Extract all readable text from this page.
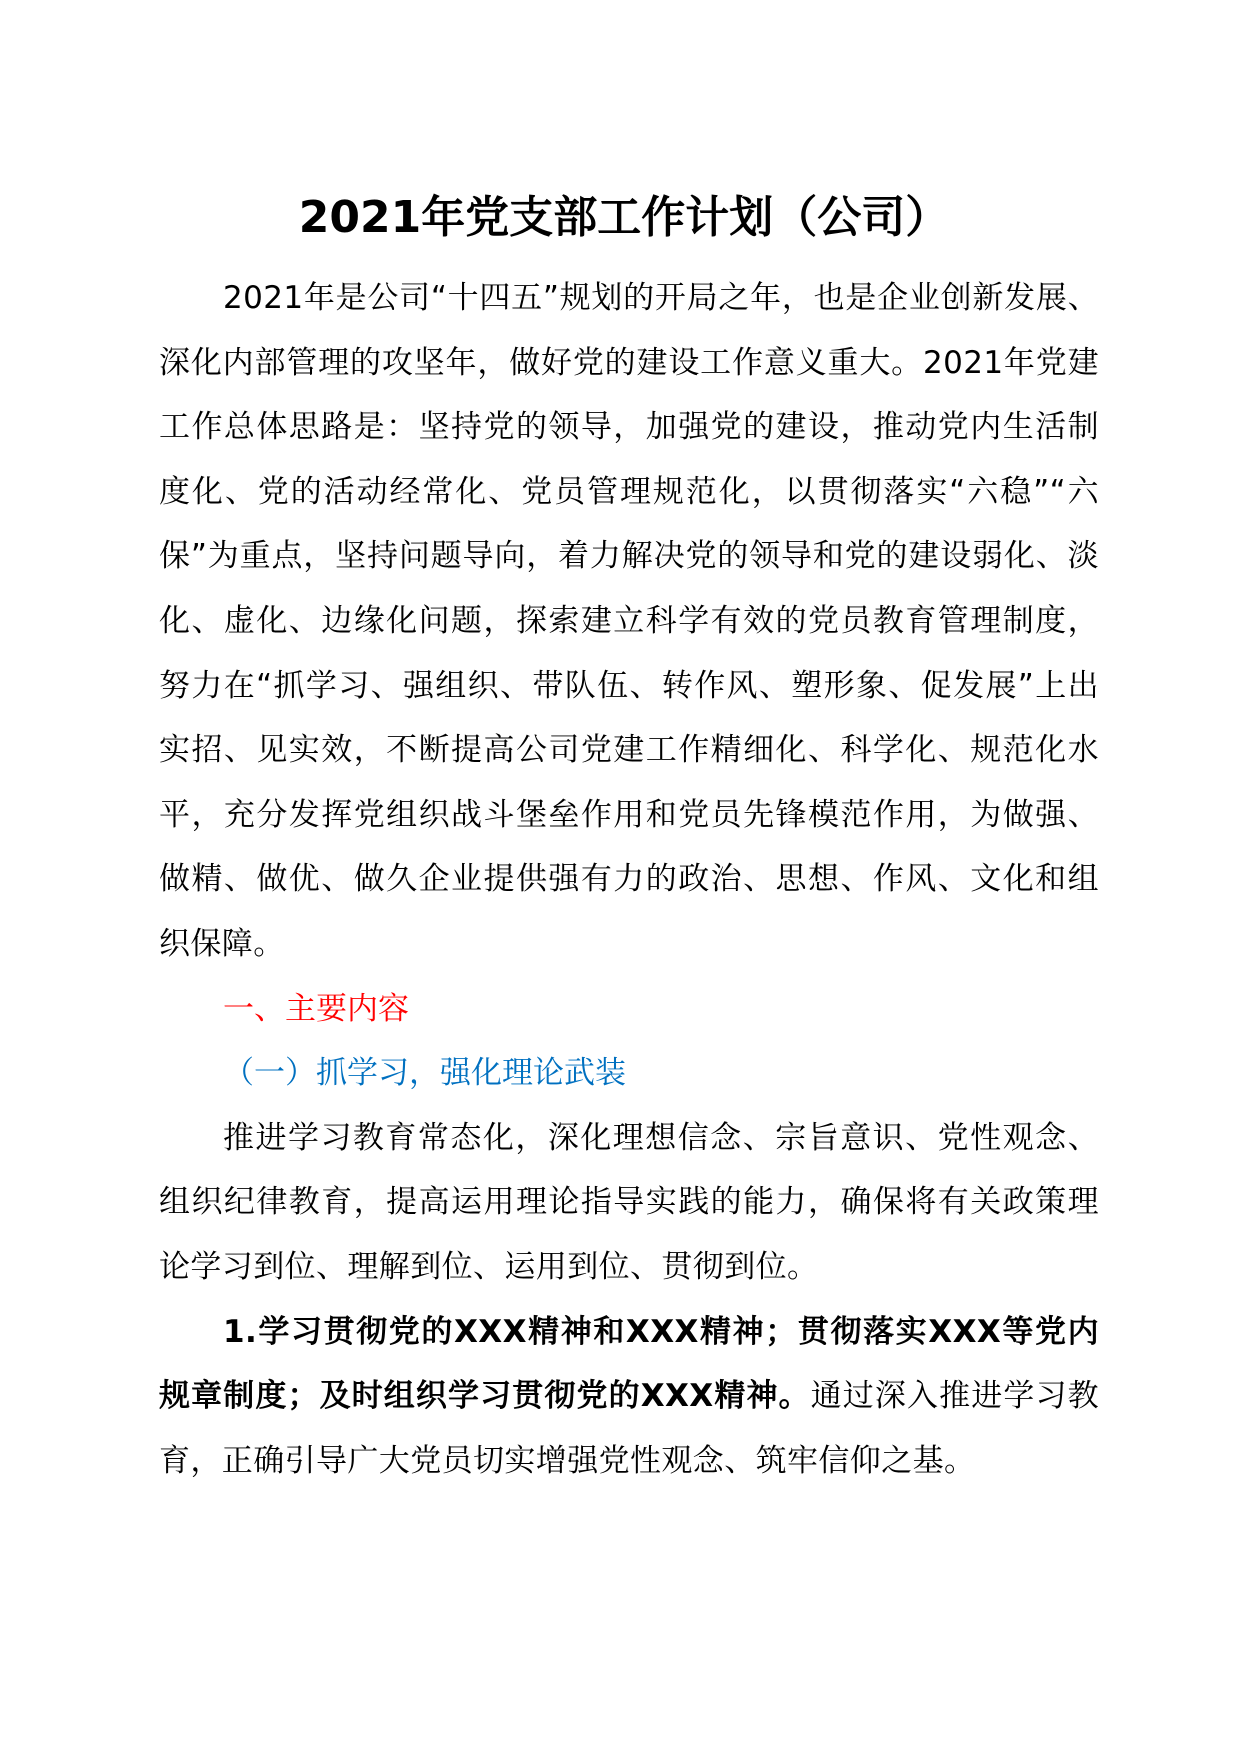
2021年党支部工作计划（公司）

2021年是公司“十四五”规划的开局之年，也是企业创新发展、深化内部管理的攻坚年，做好党的建设工作意义重大。2021年党建工作总体思路是：坚持党的领导，加强党的建设，推动党内生活制度化、党的活动经常化、党员管理规范化，以贯彻落实“六稳”“六保”为重点，坚持问题导向，着力解决党的领导和党的建设弱化、淡化、虚化、边缘化问题，探索建立科学有效的党员教育管理制度，努力在“抓学习、强组织、带队伍、转作风、塑形象、促发展”上出实招、见实效，不断提高公司党建工作精细化、科学化、规范化水平，充分发挥党组织战斗堡垒作用和党员先锋模范作用，为做强、做精、做优、做久企业提供强有力的政治、思想、作风、文化和组织保障。

一、主要内容

（一）抓学习，强化理论武装

推进学习教育常态化，深化理想信念、宗旨意识、党性观念、组织纪律教育，提高运用理论指导实践的能力，确保将有关政策理论学习到位、理解到位、运用到位、贯彻到位。

1.学习贯彻党的XXX精神和XXX精神；贯彻落实XXX等党内规章制度；及时组织学习贯彻党的XXX精神。通过深入推进学习教育，正确引导广大党员切实增强党性观念、筑牢信仰之基。
